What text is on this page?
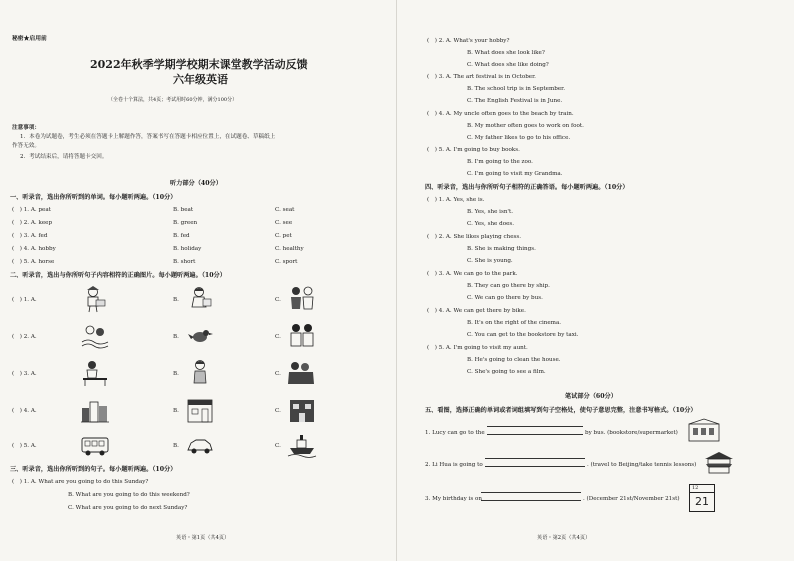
秘密★启用前
2022年秋季学期学校期末课堂教学活动反馈
六年级英语
（全卷十个算法，共4页；考试用时60分钟，满分100分）
注意事项：
1．本卷为试题卷，考生必须在答题卡上解题作答，答案书写在答题卡相应位置上，在试题卷、草稿纸上
作答无效。
2．考试结束后，请将答题卡交回。
听力部分（40分）
一、听录音，选出你所听到的单词。每小题听两遍。（10分）
(　) 1. A. peat	B. beat	C. seat
(　) 2. A. keep	B. green	C. see
(　) 3. A. fed	B. fed	C. pet
(　) 4. A. hobby	B. holiday	C. healthy
(　) 5. A. horse	B. short	C. sport
二、听录音，选出与你所听句子内容相符的正确图片。每小题听两遍。（10分）
(　) 1. A.	B.	C.
(　) 2. A.	B.	C.
(　) 3. A.	B.	C.
(　) 4. A.	B.	C.
(　) 5. A.	B.	C.
三、听录音，选出你所听到的句子。每小题听两遍。（10分）
(　) 1. A. What are you going to do this Sunday?
B. What are you going to do this weekend?
C. What are you going to do next Sunday?
英语・第1页（共4页）
(　) 2. A. What's your hobby?
B. What does she look like?
C. What does she like doing?
(　) 3. A. The art festival is in October.
B. The school trip is in September.
C. The English Festival is in June.
(　) 4. A. My uncle often goes to the beach by train.
B. My mother often goes to work on foot.
C. My father likes to go to his office.
(　) 5. A. I'm going to buy books.
B. I'm going to the zoo.
C. I'm going to visit my Grandma.
四、听录音，选出与你所听句子相符的正确答语。每小题听两遍。（10分）
(　) 1. A. Yes, she is.
B. Yes, she isn't.
C. Yes, she does.
(　) 2. A. She likes playing chess.
B. She is making things.
C. She is young.
(　) 3. A. We can go to the park.
B. They can go there by ship.
C. We can go there by bus.
(　) 4. A. We can get there by bike.
B. It's on the right of the cinema.
C. You can get to the bookstore by taxi.
(　) 5. A. I'm going to visit my aunt.
B. He's going to clean the house.
C. She's going to see a film.
笔试部分（60分）
五、看图，选择正确的单词或者词组填写到句子空格处，使句子意思完整，注意书写格式。（10分）
1. Lucy can go to the	by bus. (bookstore/supermarket)
2. Li Hua is going to	. (travel to Beijing/take tennis lessons)
3. My birthday is on	. (December 21st/November 21st)
12
21
英语・第2页（共4页）
